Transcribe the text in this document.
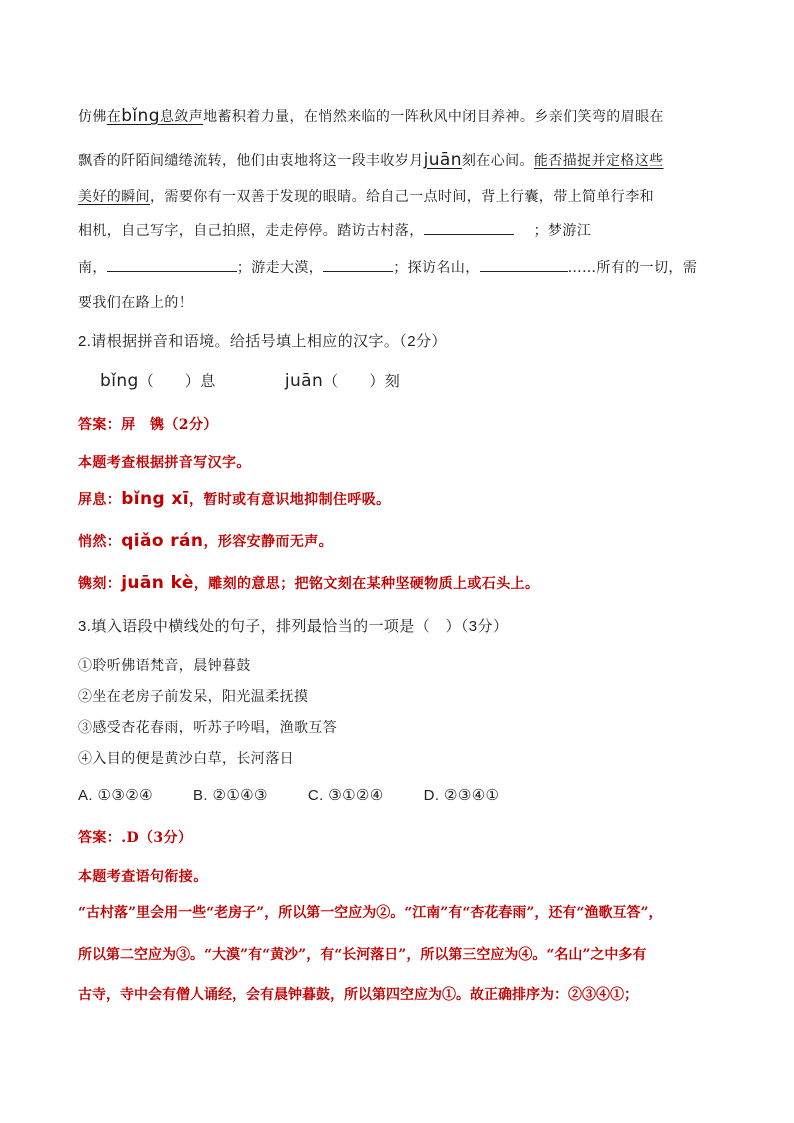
仿佛在bǐng息敛声地蓄积着力量，在悄然来临的一阵秋风中闭目养神。乡亲们笑弯的眉眼在
飘香的阡陌间缱绻流转，他们由衷地将这一段丰收岁月juān刻在心间。能否描捉并定格这些
美好的瞬间，需要你有一双善于发现的眼睛。给自己一点时间，背上行囊，带上简单行李和
相机，自己写字，自己拍照，走走停停。踏访古村落，	；梦游江
南，	；游走大漠，	；探访名山，	……所有的一切，需
要我们在路上的！
2.请根据拼音和语境。给括号填上相应的汉字。（2分）
bǐng（　　）息	juān（　　）刻
答案：屏　镌（2分）
本题考查根据拼音写汉字。
屏息：bǐng xī，暂时或有意识地抑制住呼吸。
悄然：qiǎo rán，形容安静而无声。
镌刻：juān kè，雕刻的意思；把铭文刻在某种坚硬物质上或石头上。
3.填入语段中横线处的句子，排列最恰当的一项是（　）（3分）
①聆听佛语梵音，晨钟暮鼓
②坐在老房子前发呆，阳光温柔抚摸
③感受杏花春雨，听苏子吟唱，渔歌互答
④入目的便是黄沙白草，长河落日
A. ①③②④	B. ②①④③	C. ③①②④	D. ②③④①
答案：.D（3分）
本题考查语句衔接。
“古村落”里会用一些“老房子”，所以第一空应为②。“江南”有“杏花春雨”，还有“渔歌互答”，
所以第二空应为③。“大漠”有“黄沙”，有“长河落日”，所以第三空应为④。“名山”之中多有
古寺，寺中会有僧人诵经，会有晨钟暮鼓，所以第四空应为①。故正确排序为：②③④①；
